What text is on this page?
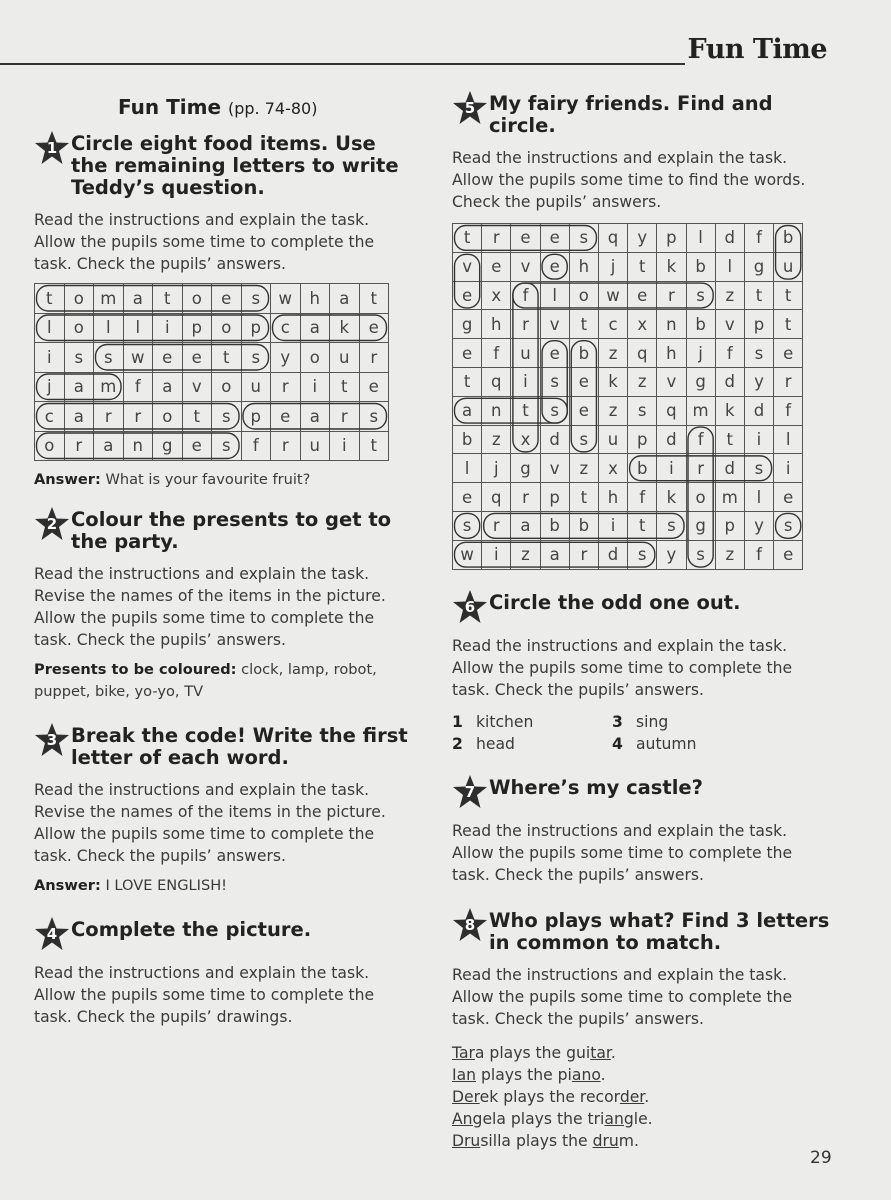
Fun Time
Fun Time (pp. 74-80)
1 Circle eight food items. Use the remaining letters to write Teddy’s question.

Read the instructions and explain the task. Allow the pupils some time to complete the task. Check the pupils’ answers.

t	o	m	a	t	o	e	s	w	h	a	t
l	o	l	l	i	p	o	p	c	a	k	e
i	s	s	w	e	e	t	s	y	o	u	r
j	a	m	f	a	v	o	u	r	i	t	e
c	a	r	r	o	t	s	p	e	a	r	s
o	r	a	n	g	e	s	f	r	u	i	t

Answer: What is your favourite fruit?

2 Colour the presents to get to the party.

Read the instructions and explain the task. Revise the names of the items in the picture. Allow the pupils some time to complete the task. Check the pupils’ answers.

Presents to be coloured: clock, lamp, robot, puppet, bike, yo-yo, TV

3 Break the code! Write the first letter of each word.

Read the instructions and explain the task. Revise the names of the items in the picture. Allow the pupils some time to complete the task. Check the pupils’ answers.

Answer: I LOVE ENGLISH!

4 Complete the picture.

Read the instructions and explain the task. Allow the pupils some time to complete the task. Check the pupils’ drawings.

5 My fairy friends. Find and circle.

Read the instructions and explain the task. Allow the pupils some time to find the words. Check the pupils’ answers.

t	r	e	e	s	q	y	p	l	d	f	b
v	e	v	e	h	j	t	k	b	l	g	u
e	x	f	l	o	w	e	r	s	z	t	t
g	h	r	v	t	c	x	n	b	v	p	t
e	f	u	e	b	z	q	h	j	f	s	e
t	q	i	s	e	k	z	v	g	d	y	r
a	n	t	s	e	z	s	q	m	k	d	f
b	z	x	d	s	u	p	d	f	t	i	l
l	j	g	v	z	x	b	i	r	d	s	i
e	q	r	p	t	h	f	k	o	m	l	e
s	r	a	b	b	i	t	s	g	p	y	s
w	i	z	a	r	d	s	y	s	z	f	e
6 Circle the odd one out.

Read the instructions and explain the task. Allow the pupils some time to complete the task. Check the pupils’ answers.

1 kitchen	3 sing
2 head	4 autumn
7 Where’s my castle?

Read the instructions and explain the task. Allow the pupils some time to complete the task. Check the pupils’ answers.

8 Who plays what? Find 3 letters in common to match.

Read the instructions and explain the task. Allow the pupils some time to complete the task. Check the pupils’ answers.

Tara plays the guitar.
Ian plays the piano.
Derek plays the recorder.
Angela plays the triangle.
Drusilla plays the drum.
29
